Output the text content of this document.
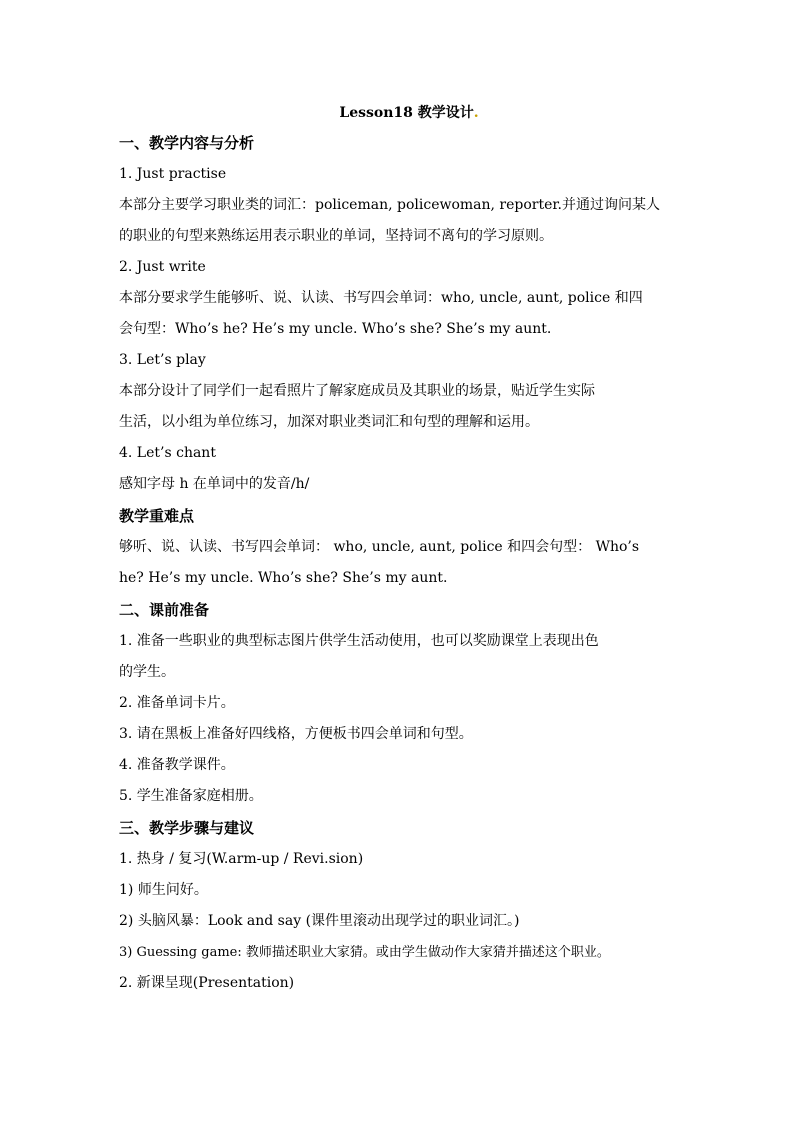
Lesson18 教学设计.
一、教学内容与分析
1. Just practise
本部分主要学习职业类的词汇：policeman, policewoman, reporter.并通过询问某人
的职业的句型来熟练运用表示职业的单词，坚持词不离句的学习原则。
2. Just write
本部分要求学生能够听、说、认读、书写四会单词：who, uncle, aunt, police 和四
会句型：Who’s he? He’s my uncle. Who’s she? She’s my aunt.
3. Let’s play
本部分设计了同学们一起看照片了解家庭成员及其职业的场景，贴近学生实际
生活，以小组为单位练习，加深对职业类词汇和句型的理解和运用。
4. Let’s chant
感知字母 h 在单词中的发音/h/
教学重难点
够听、说、认读、书写四会单词： who, uncle, aunt, police 和四会句型： Who’s
he? He’s my uncle. Who’s she? She’s my aunt.
二、课前准备
1. 准备一些职业的典型标志图片供学生活动使用，也可以奖励课堂上表现出色
的学生。
2. 准备单词卡片。
3. 请在黑板上准备好四线格，方便板书四会单词和句型。
4. 准备教学课件。
5. 学生准备家庭相册。
三、教学步骤与建议
1. 热身 / 复习(W.arm-up / Revi.sion)
1) 师生问好。
2) 头脑风暴：Look and say (课件里滚动出现学过的职业词汇。)
3) Guessing game: 教师描述职业大家猜。或由学生做动作大家猜并描述这个职业。
2. 新课呈现(Presentation)
